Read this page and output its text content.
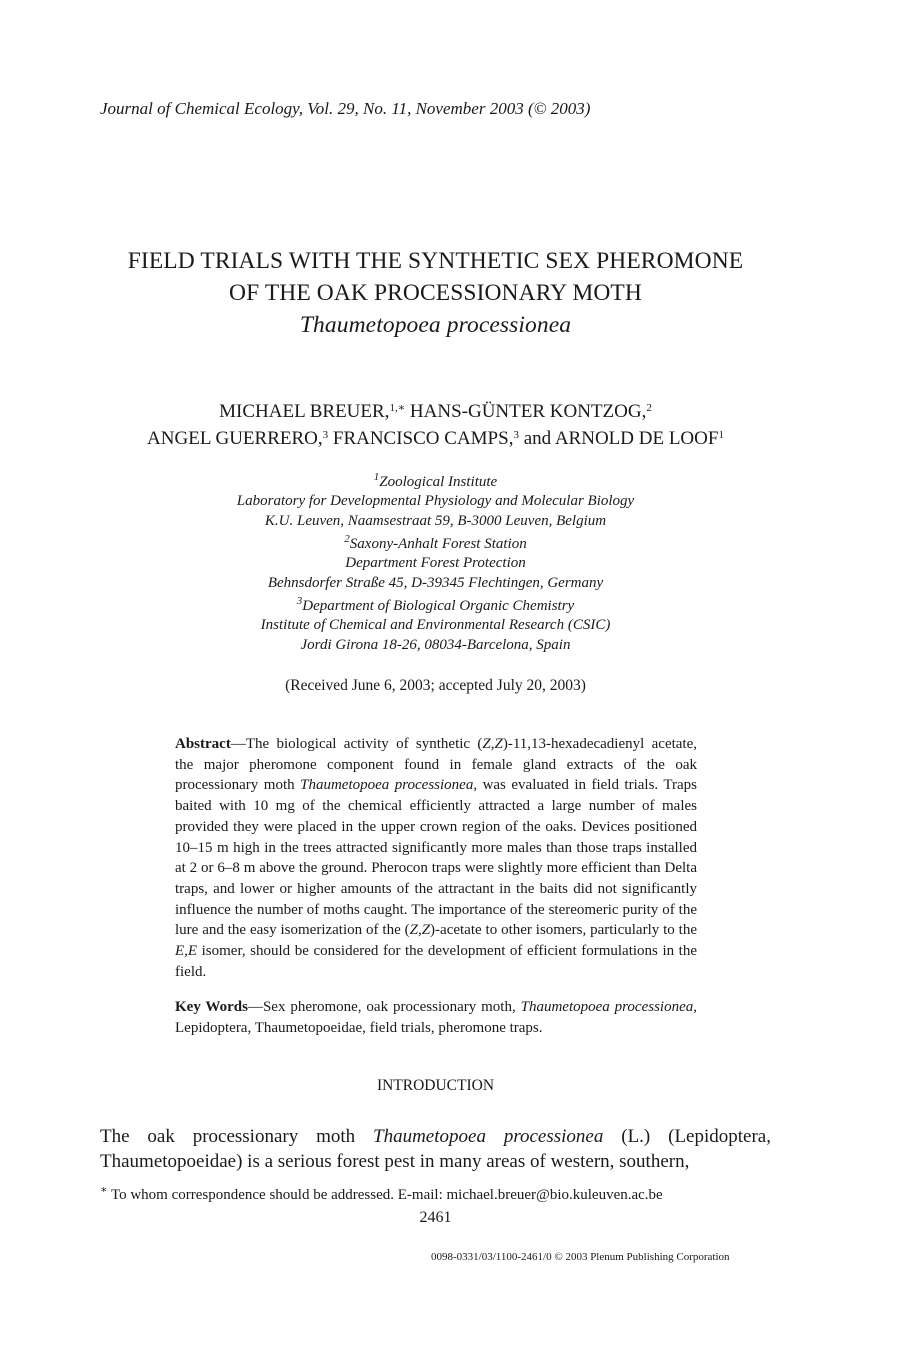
Journal of Chemical Ecology, Vol. 29, No. 11, November 2003 (© 2003)
FIELD TRIALS WITH THE SYNTHETIC SEX PHEROMONE
OF THE OAK PROCESSIONARY MOTH
Thaumetopoea processionea
MICHAEL BREUER,$^{1,∗}$ HANS-GÜNTER KONTZOG,$^2$
ANGEL GUERRERO,$^3$ FRANCISCO CAMPS,$^3$ and ARNOLD DE LOOF$^1$
$^1$Zoological Institute
Laboratory for Developmental Physiology and Molecular Biology
K.U. Leuven, Naamsestraat 59, B-3000 Leuven, Belgium
$^2$Saxony-Anhalt Forest Station
Department Forest Protection
Behnsdorfer Straße 45, D-39345 Flechtingen, Germany
$^3$Department of Biological Organic Chemistry
Institute of Chemical and Environmental Research (CSIC)
Jordi Girona 18-26, 08034-Barcelona, Spain
(Received June 6, 2003; accepted July 20, 2003)
Abstract—The biological activity of synthetic (Z,Z)-11,13-hexadecadienyl acetate, the major pheromone component found in female gland extracts of the oak processionary moth Thaumetopoea processionea, was evaluated in field trials. Traps baited with 10 mg of the chemical efficiently attracted a large number of males provided they were placed in the upper crown region of the oaks. Devices positioned 10–15 m high in the trees attracted significantly more males than those traps installed at 2 or 6–8 m above the ground. Pherocon traps were slightly more efficient than Delta traps, and lower or higher amounts of the attractant in the baits did not significantly influence the number of moths caught. The importance of the stereomeric purity of the lure and the easy isomerization of the (Z,Z)-acetate to other isomers, particularly to the E,E isomer, should be considered for the development of efficient formulations in the field.
Key Words—Sex pheromone, oak processionary moth, Thaumetopoea processionea, Lepidoptera, Thaumetopoeidae, field trials, pheromone traps.
INTRODUCTION
The oak processionary moth Thaumetopoea processionea (L.) (Lepidoptera, Thaumetopoeidae) is a serious forest pest in many areas of western, southern,
∗ To whom correspondence should be addressed. E-mail: michael.breuer@bio.kuleuven.ac.be
2461
0098-0331/03/1100-2461/0 © 2003 Plenum Publishing Corporation
